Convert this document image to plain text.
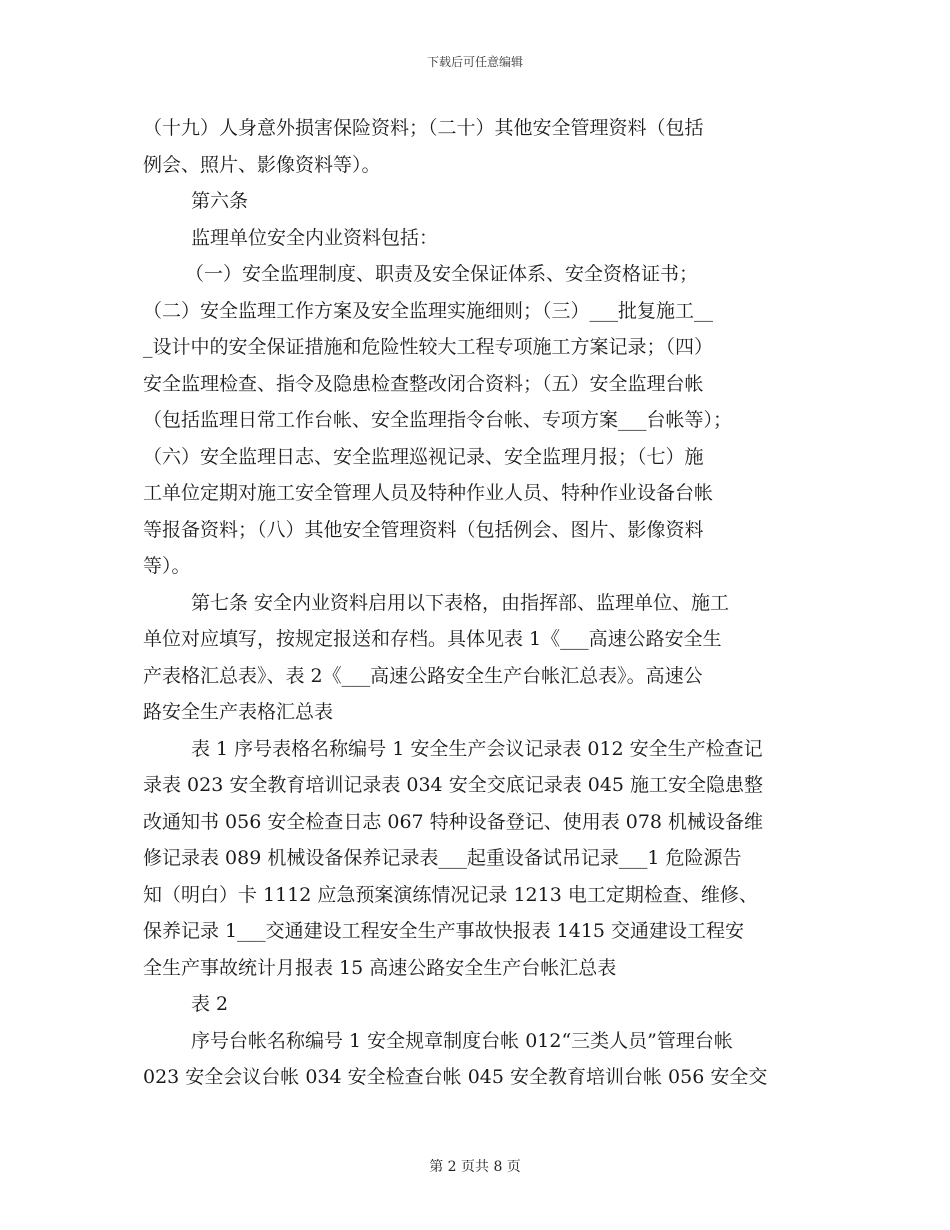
下载后可任意编辑
（十九）人身意外损害保险资料；（二十）其他安全管理资料（包括
例会、照片、影像资料等）。
第六条
监理单位安全内业资料包括：
（一）安全监理制度、职责及安全保证体系、安全资格证书；
（二）安全监理工作方案及安全监理实施细则；（三）___批复施工__
_设计中的安全保证措施和危险性较大工程专项施工方案记录；（四）
安全监理检查、指令及隐患检查整改闭合资料；（五）安全监理台帐
（包括监理日常工作台帐、安全监理指令台帐、专项方案___台帐等）；
（六）安全监理日志、安全监理巡视记录、安全监理月报；（七）施
工单位定期对施工安全管理人员及特种作业人员、特种作业设备台帐
等报备资料；（八）其他安全管理资料（包括例会、图片、影像资料
等）。
第七条 安全内业资料启用以下表格，由指挥部、监理单位、施工
单位对应填写，按规定报送和存档。具体见表 1《___高速公路安全生
产表格汇总表》、表 2《___高速公路安全生产台帐汇总表》。高速公
路安全生产表格汇总表
表 1 序号表格名称编号 1 安全生产会议记录表 012 安全生产检查记
录表 023 安全教育培训记录表 034 安全交底记录表 045 施工安全隐患整
改通知书 056 安全检查日志 067 特种设备登记、使用表 078 机械设备维
修记录表 089 机械设备保养记录表___起重设备试吊记录___1 危险源告
知（明白）卡 1112 应急预案演练情况记录 1213 电工定期检查、维修、
保养记录 1___交通建设工程安全生产事故快报表 1415 交通建设工程安
全生产事故统计月报表 15 高速公路安全生产台帐汇总表
表 2
序号台帐名称编号 1 安全规章制度台帐 012“三类人员”管理台帐
023 安全会议台帐 034 安全检查台帐 045 安全教育培训台帐 056 安全交
第 2 页共 8 页
